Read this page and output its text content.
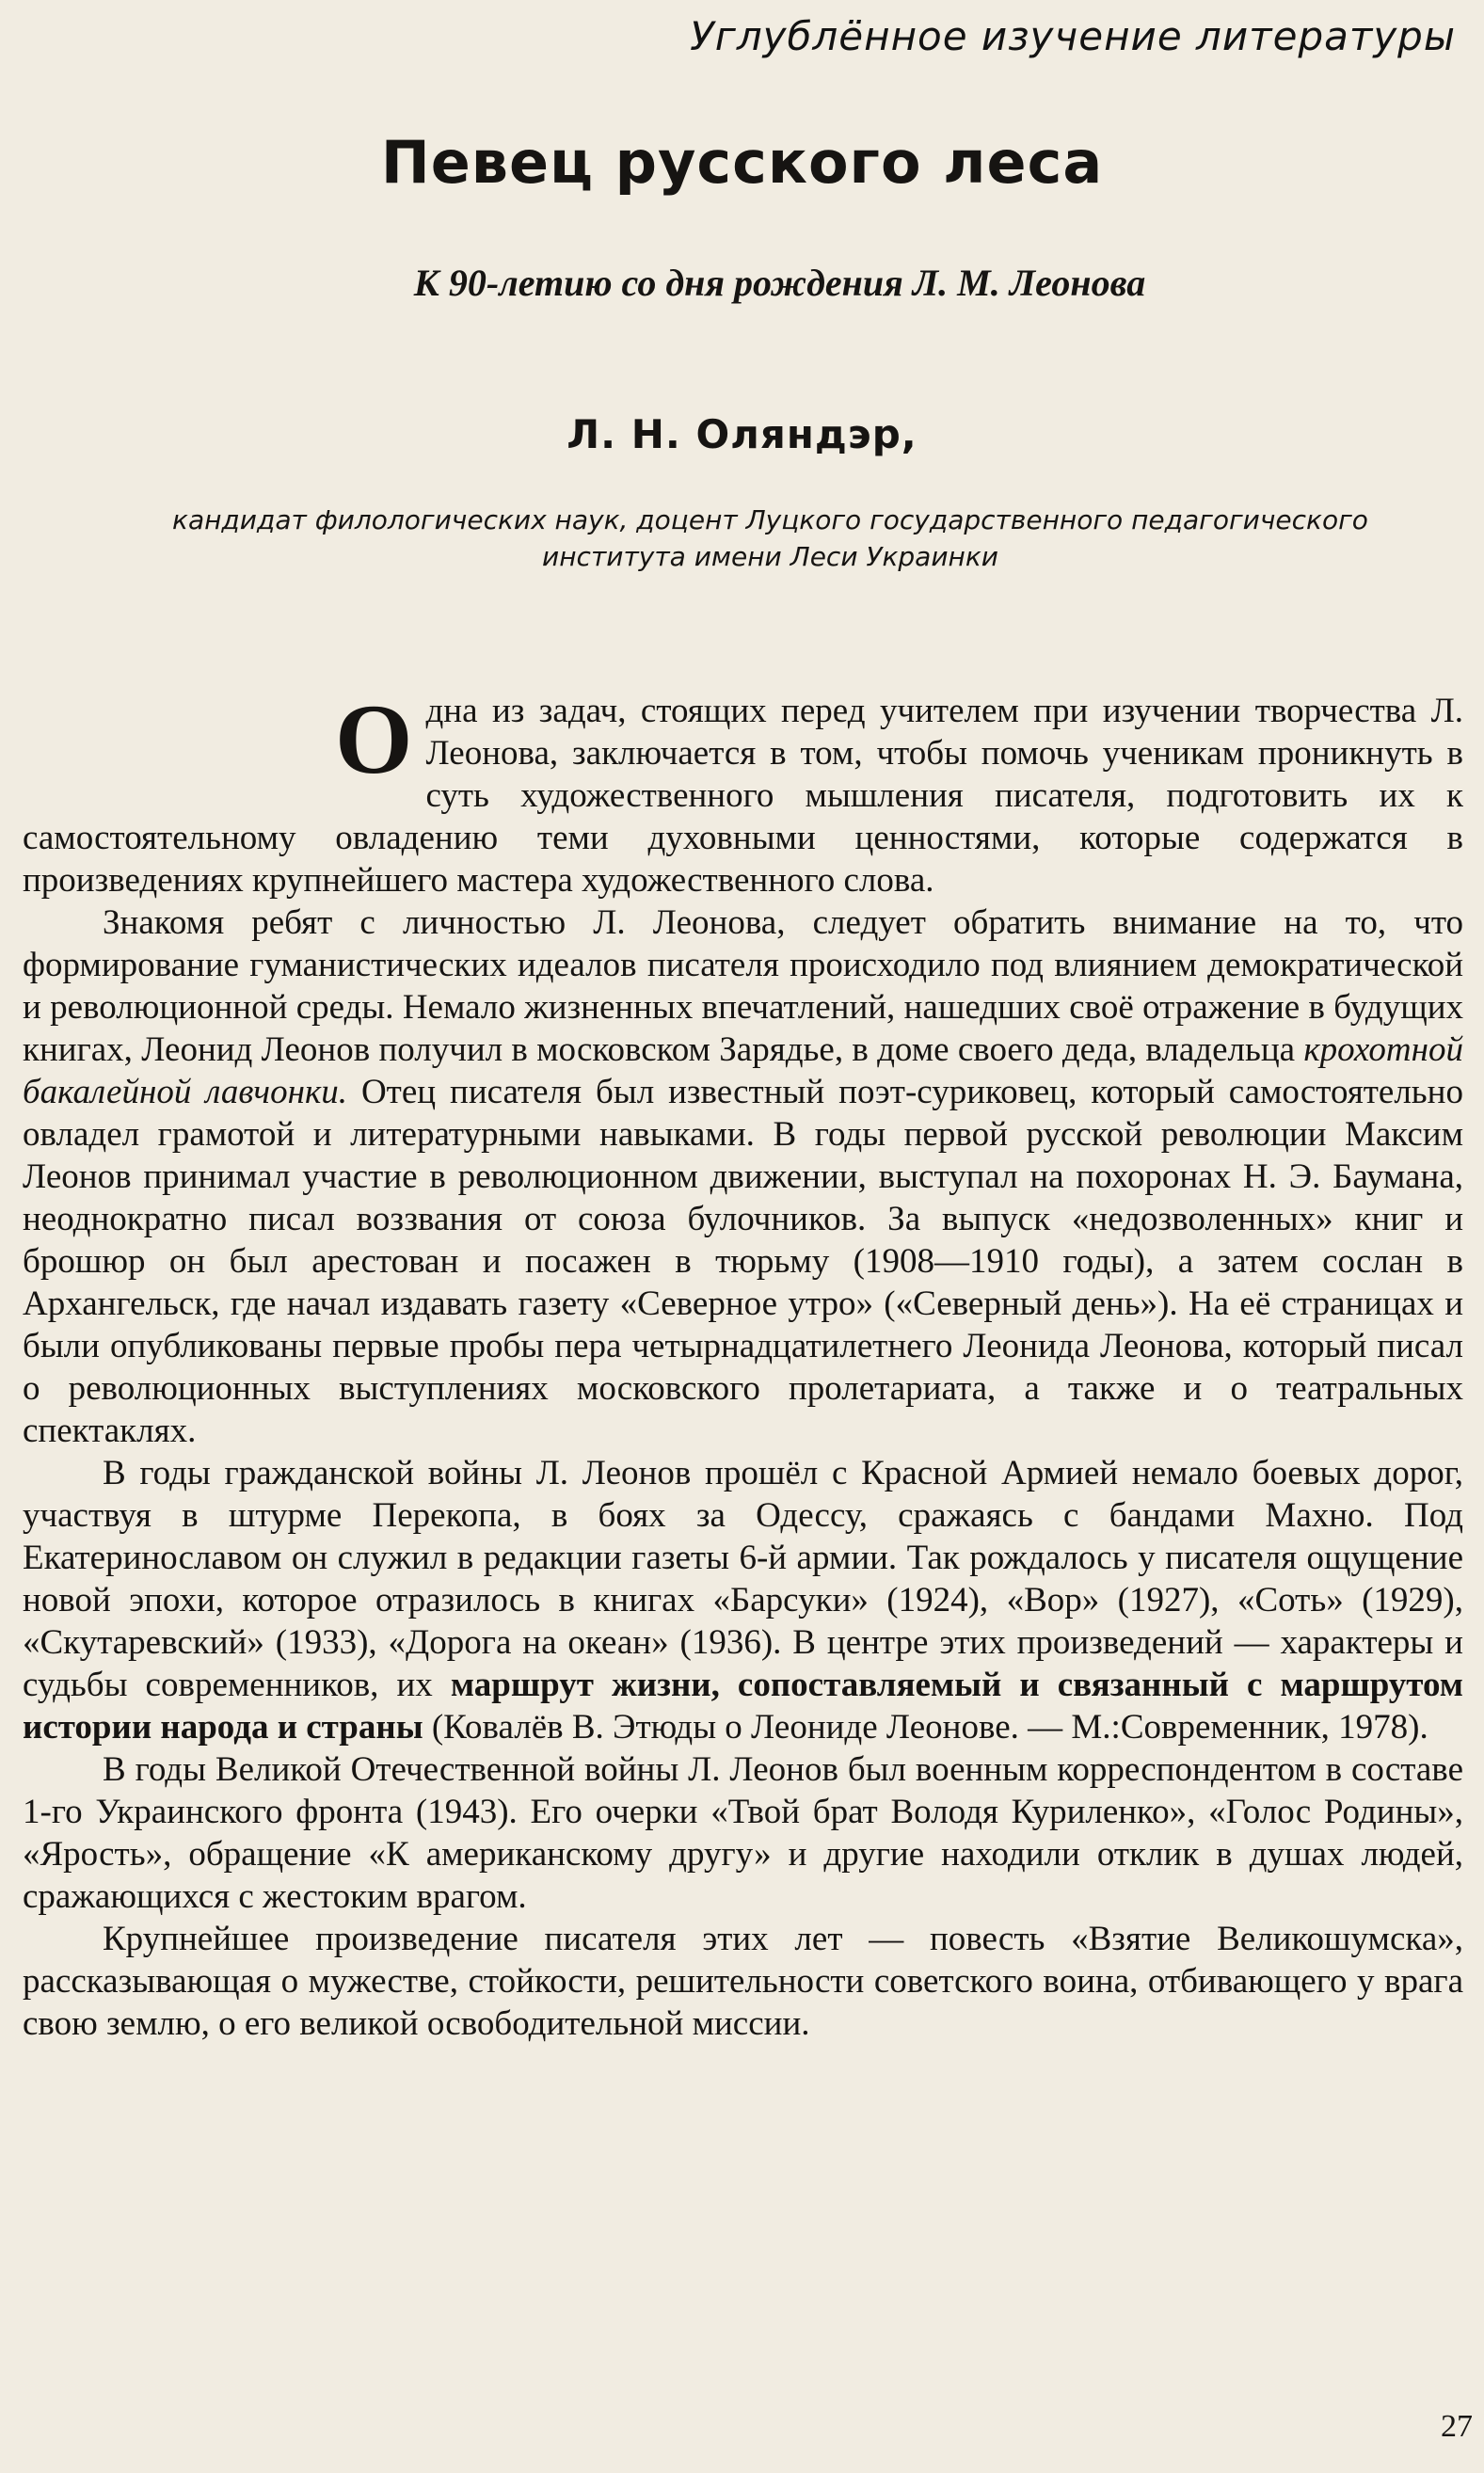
Углублённое изучение литературы
Певец русского леса
К 90-летию со дня рождения Л. М. Леонова
Л. Н. Оляндэр,
кандидат филологических наук, доцент Луцкого государственного педагогического
института имени Леси Украинки

Одна из задач, стоящих перед учителем при изучении творчества Л. Леонова, заключается в том, чтобы помочь ученикам проникнуть в суть художественного мышления писателя, подготовить их к самостоятельному овладению теми духовными ценностями, которые содержатся в произведениях крупнейшего мастера художественного слова.

Знакомя ребят с личностью Л. Леонова, следует обратить внимание на то, что формирование гуманистических идеалов писателя происходило под влиянием демократической и революционной среды. Немало жизненных впечатлений, нашедших своё отражение в будущих книгах, Леонид Леонов получил в московском Зарядье, в доме своего деда, владельца крохотной бакалейной лавчонки. Отец писателя был известный поэт-суриковец, который самостоятельно овладел грамотой и литературными навыками. В годы первой русской революции Максим Леонов принимал участие в революционном движении, выступал на похоронах Н. Э. Баумана, неоднократно писал воззвания от союза булочников. За выпуск «недозволенных» книг и брошюр он был арестован и посажен в тюрьму (1908—1910 годы), а затем сослан в Архангельск, где начал издавать газету «Северное утро» («Северный день»). На её страницах и были опубликованы первые пробы пера четырнадцатилетнего Леонида Леонова, который писал о революционных выступлениях московского пролетариата, а также и о театральных спектаклях.

В годы гражданской войны Л. Леонов прошёл с Красной Армией немало боевых дорог, участвуя в штурме Перекопа, в боях за Одессу, сражаясь с бандами Махно. Под Екатеринославом он служил в редакции газеты 6-й армии. Так рождалось у писателя ощущение новой эпохи, которое отразилось в книгах «Барсуки» (1924), «Вор» (1927), «Соть» (1929), «Скутаревский» (1933), «Дорога на океан» (1936). В центре этих произведений — характеры и судьбы современников, их маршрут жизни, сопоставляемый и связанный с маршрутом истории народа и страны (Ковалёв В. Этюды о Леониде Леонове. — М.:Современник, 1978).

В годы Великой Отечественной войны Л. Леонов был военным корреспондентом в составе 1-го Украинского фронта (1943). Его очерки «Твой брат Володя Куриленко», «Голос Родины», «Ярость», обращение «К американскому другу» и другие находили отклик в душах людей, сражающихся с жестоким врагом.

Крупнейшее произведение писателя этих лет — повесть «Взятие Великошумска», рассказывающая о мужестве, стойкости, решительности советского воина, отбивающего у врага свою землю, о его великой освободительной миссии.

27
